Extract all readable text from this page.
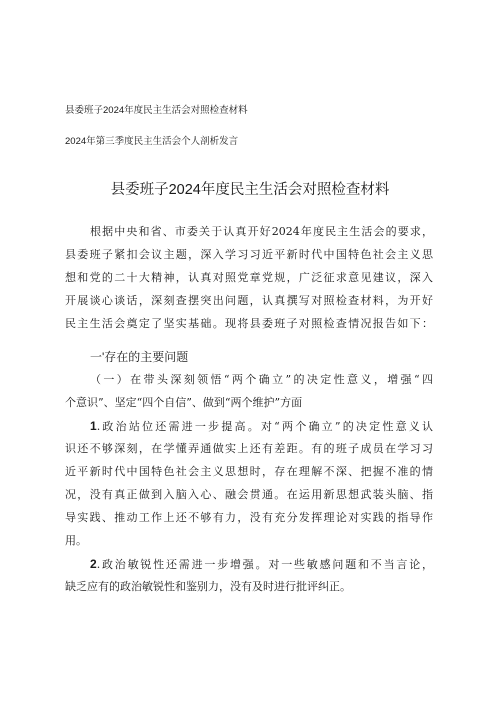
县委班子2024年度民主生活会对照检查材料
2024年第三季度民主生活会个人剖析发言
县委班子2024年度民主生活会对照检查材料
根据中央和省、市委关于认真开好2024年度民主生活会的要求，
县委班子紧扣会议主题，深入学习习近平新时代中国特色社会主义思
想和党的二十大精神，认真对照党章党规，广泛征求意见建议，深入
开展谈心谈话，深刻查摆突出问题，认真撰写对照检查材料，为开好
民主生活会奠定了坚实基础。现将县委班子对照检查情况报告如下：
一'存在的主要问题
（一）在带头深刻领悟“两个确立”的决定性意义，增强“四
个意识”、坚定“四个自信”、做到“两个维护”方面
1.政治站位还需进一步提高。对“两个确立”的决定性意义认
识还不够深刻，在学懂弄通做实上还有差距。有的班子成员在学习习
近平新时代中国特色社会主义思想时，存在理解不深、把握不准的情
况，没有真正做到入脑入心、融会贯通。在运用新思想武装头脑、指
导实践、推动工作上还不够有力，没有充分发挥理论对实践的指导作
用。
2.政治敏锐性还需进一步增强。对一些敏感问题和不当言论，
缺乏应有的政治敏锐性和鉴别力，没有及时进行批评纠正。
